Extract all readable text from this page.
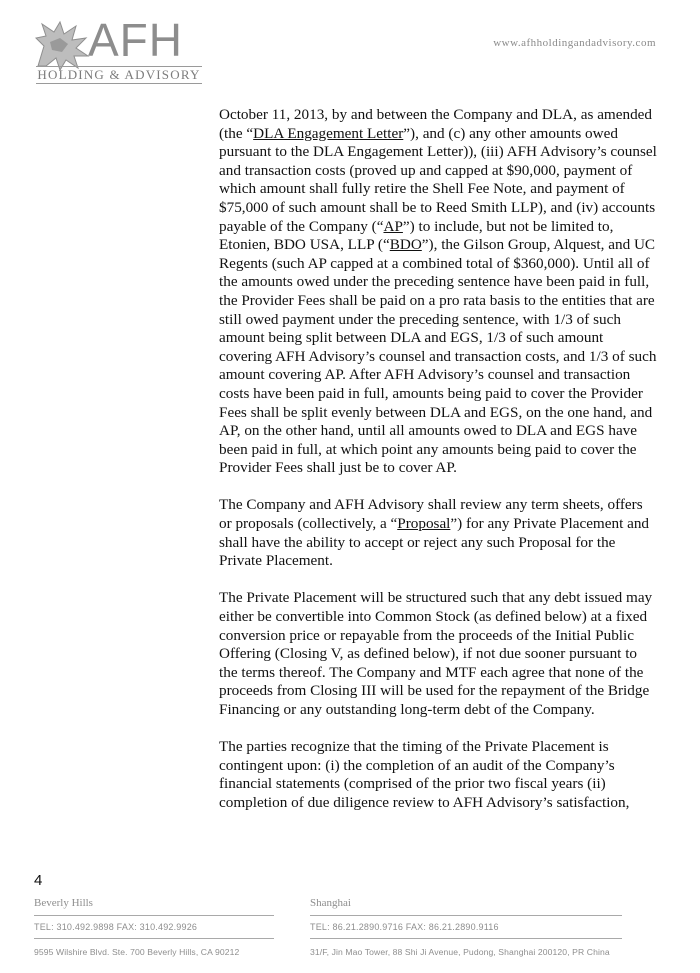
AFH
HOLDING & ADVISORY
www.afhholdingandadvisory.com

October 11, 2013, by and between the Company and DLA, as amended (the “DLA Engagement Letter”), and (c) any other amounts owed pursuant to the DLA Engagement Letter)), (iii) AFH Advisory’s counsel and transaction costs (proved up and capped at $90,000, payment of which amount shall fully retire the Shell Fee Note, and payment of $75,000 of such amount shall be to Reed Smith LLP), and (iv) accounts payable of the Company (“AP”) to include, but not be limited to, Etonien, BDO USA, LLP (“BDO”), the Gilson Group, Alquest, and UC Regents (such AP capped at a combined total of $360,000). Until all of the amounts owed under the preceding sentence have been paid in full, the Provider Fees shall be paid on a pro rata basis to the entities that are still owed payment under the preceding sentence, with 1/3 of such amount being split between DLA and EGS, 1/3 of such amount covering AFH Advisory’s counsel and transaction costs, and 1/3 of such amount covering AP. After AFH Advisory’s counsel and transaction costs have been paid in full, amounts being paid to cover the Provider Fees shall be split evenly between DLA and EGS, on the one hand, and AP, on the other hand, until all amounts owed to DLA and EGS have been paid in full, at which point any amounts being paid to cover the Provider Fees shall just be to cover AP.

The Company and AFH Advisory shall review any term sheets, offers or proposals (collectively, a “Proposal”) for any Private Placement and shall have the ability to accept or reject any such Proposal for the Private Placement.

The Private Placement will be structured such that any debt issued may either be convertible into Common Stock (as defined below) at a fixed conversion price or repayable from the proceeds of the Initial Public Offering (Closing V, as defined below), if not due sooner pursuant to the terms thereof. The Company and MTF each agree that none of the proceeds from Closing III will be used for the repayment of the Bridge Financing or any outstanding long-term debt of the Company.

The parties recognize that the timing of the Private Placement is contingent upon: (i) the completion of an audit of the Company’s financial statements (comprised of the prior two fiscal years (ii) completion of due diligence review to AFH Advisory’s satisfaction,

4
Beverly Hills
TEL: 310.492.9898 FAX: 310.492.9926
9595 Wilshire Blvd. Ste. 700 Beverly Hills, CA 90212
Shanghai
TEL: 86.21.2890.9716 FAX: 86.21.2890.9116
31/F, Jin Mao Tower, 88 Shi Ji Avenue, Pudong, Shanghai 200120, PR China
